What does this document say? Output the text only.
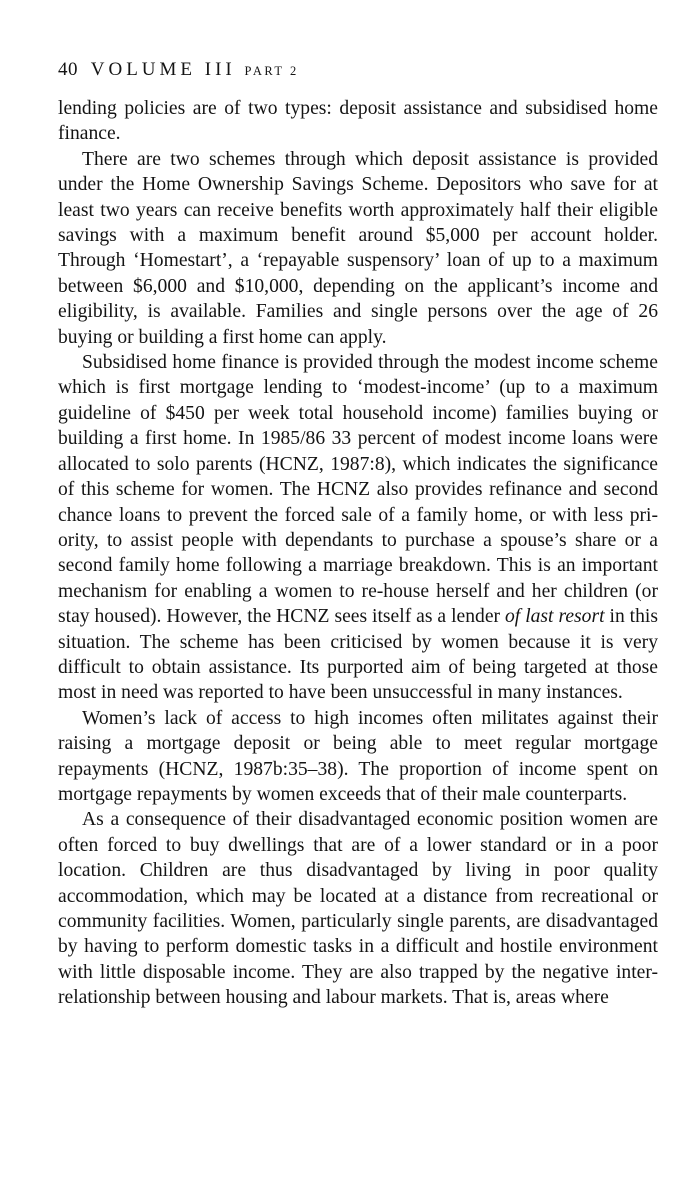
40 VOLUME III PART 2

lending policies are of two types: deposit assistance and subsidised home finance.

There are two schemes through which deposit assistance is provided under the Home Ownership Savings Scheme. Depositors who save for at least two years can receive benefits worth approximately half their eligible savings with a maximum benefit around $5,000 per account holder. Through ‘Homestart’, a ‘repayable suspensory’ loan of up to a maximum between $6,000 and $10,000, depending on the applicant’s income and eligibility, is available. Families and single persons over the age of 26 buying or building a first home can apply.

Subsidised home finance is provided through the modest income scheme which is first mortgage lending to ‘modest-income’ (up to a maximum guideline of $450 per week total household income) families buying or building a first home. In 1985/86 33 percent of modest income loans were allocated to solo parents (HCNZ, 1987:8), which indicates the significance of this scheme for women. The HCNZ also provides refinance and second chance loans to prevent the forced sale of a family home, or with less priority, to assist people with dependants to purchase a spouse’s share or a second family home following a marriage breakdown. This is an important mechanism for enabling a women to re-house herself and her children (or stay housed). However, the HCNZ sees itself as a lender of last resort in this situation. The scheme has been criticised by women because it is very difficult to obtain assistance. Its purported aim of being targeted at those most in need was reported to have been unsuccessful in many instances.

Women’s lack of access to high incomes often militates against their raising a mortgage deposit or being able to meet regular mortgage repayments (HCNZ, 1987b:35–38). The proportion of income spent on mortgage repayments by women exceeds that of their male counterparts.

As a consequence of their disadvantaged economic position women are often forced to buy dwellings that are of a lower standard or in a poor location. Children are thus disadvantaged by living in poor quality accommodation, which may be located at a distance from recreational or community facilities. Women, particularly single parents, are disadvantaged by having to perform domestic tasks in a difficult and hostile environment with little disposable income. They are also trapped by the negative inter-relationship between housing and labour markets. That is, areas where
